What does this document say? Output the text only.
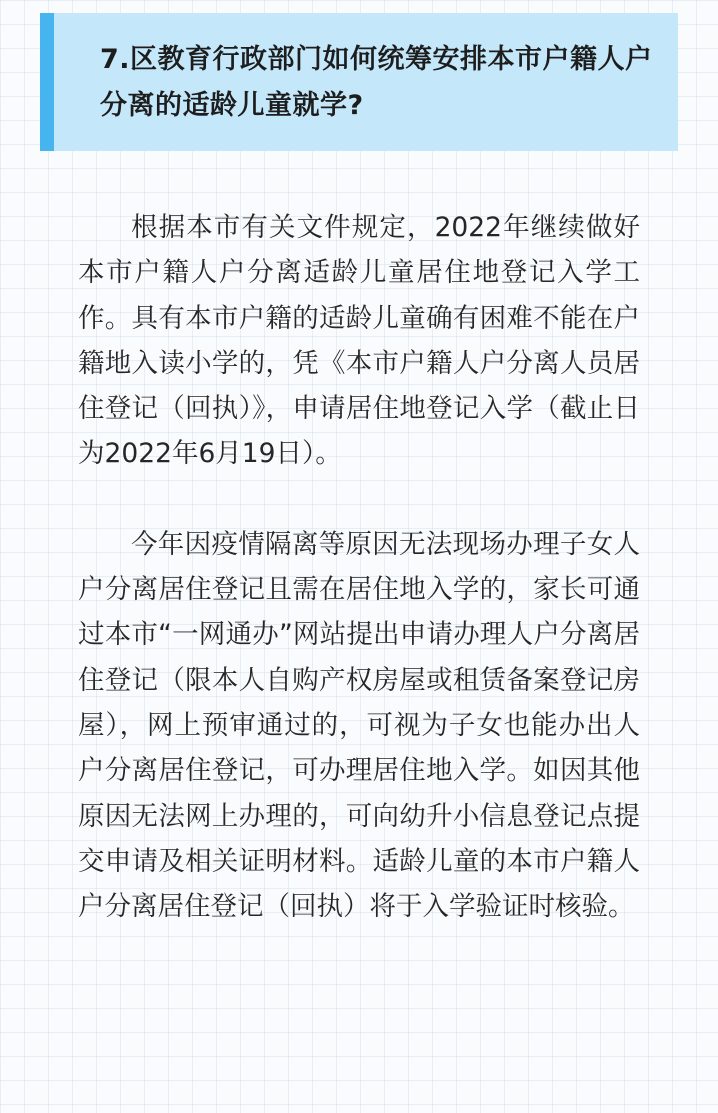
7.区教育行政部门如何统筹安排本市户籍人户分离的适龄儿童就学?

根据本市有关文件规定，2022年继续做好本市户籍人户分离适龄儿童居住地登记入学工作。具有本市户籍的适龄儿童确有困难不能在户籍地入读小学的，凭《本市户籍人户分离人员居住登记（回执）》，申请居住地登记入学（截止日为2022年6月19日）。

今年因疫情隔离等原因无法现场办理子女人户分离居住登记且需在居住地入学的，家长可通过本市“一网通办”网站提出申请办理人户分离居住登记（限本人自购产权房屋或租赁备案登记房屋），网上预审通过的，可视为子女也能办出人户分离居住登记，可办理居住地入学。如因其他原因无法网上办理的，可向幼升小信息登记点提交申请及相关证明材料。适龄儿童的本市户籍人户分离居住登记（回执）将于入学验证时核验。
